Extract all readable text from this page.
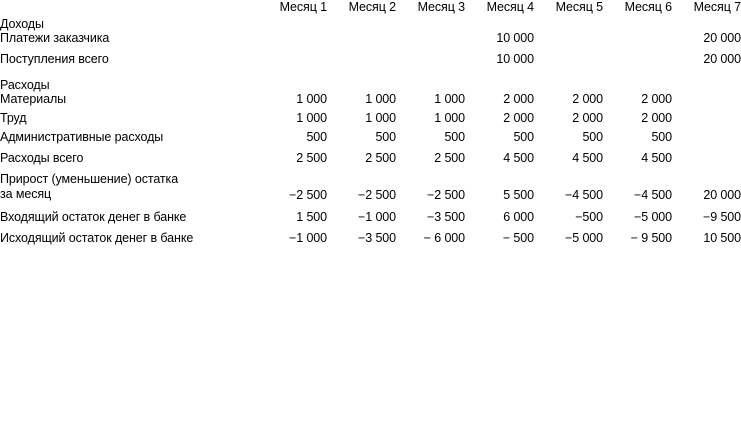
	Месяц 1	Месяц 2	Месяц 3	Месяц 4	Месяц 5	Месяц 6	Месяц 7

Доходы							
Платежи заказчика				10 000			20 000

Поступления всего				10 000			20 000

Расходы							
Материалы	1 000	1 000	1 000	2 000	2 000	2 000	

Труд	1 000	1 000	1 000	2 000	2 000	2 000	

Административные расходы	500	500	500	500	500	500	

Расходы всего	2 500	2 500	2 500	4 500	4 500	4 500	

Прирост (уменьшение) остатка
за месяц	−2 500	−2 500	−2 500	5 500	−4 500	−4 500	20 000

Входящий остаток денег в банке	1 500	−1 000	−3 500	6 000	−500	−5 000	−9 500

Исходящий остаток денег в банке	−1 000	−3 500	− 6 000	− 500	−5 000	− 9 500	10 500
